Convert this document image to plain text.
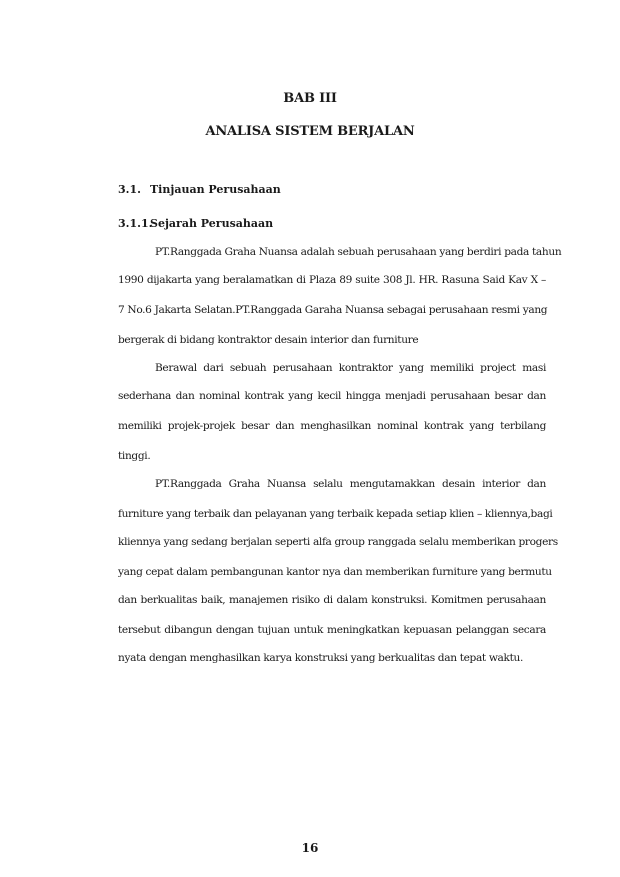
BAB III
ANALISA SISTEM BERJALAN
3.1. Tinjauan Perusahaan
3.1.1.Sejarah Perusahaan
PT.Ranggada Graha Nuansa adalah sebuah perusahaan yang berdiri pada tahun
1990 dijakarta yang beralamatkan di Plaza 89 suite 308 Jl. HR. Rasuna Said Kav X –
7 No.6 Jakarta Selatan.PT.Ranggada Garaha Nuansa sebagai perusahaan resmi yang
bergerak di bidang kontraktor desain interior dan furniture
Berawal dari sebuah perusahaan kontraktor yang memiliki project masi
sederhana dan nominal kontrak yang kecil hingga menjadi perusahaan besar dan
memiliki projek-projek besar dan menghasilkan nominal kontrak yang terbilang
tinggi.
PT.Ranggada Graha Nuansa selalu mengutamakkan desain interior dan
furniture yang terbaik dan pelayanan yang terbaik kepada setiap klien – kliennya,bagi
kliennya yang sedang berjalan seperti alfa group ranggada selalu memberikan progers
yang cepat dalam pembangunan kantor nya dan memberikan furniture yang bermutu
dan berkualitas baik, manajemen risiko di dalam konstruksi. Komitmen perusahaan
tersebut dibangun dengan tujuan untuk meningkatkan kepuasan pelanggan secara
nyata dengan menghasilkan karya konstruksi yang berkualitas dan tepat waktu.
16
